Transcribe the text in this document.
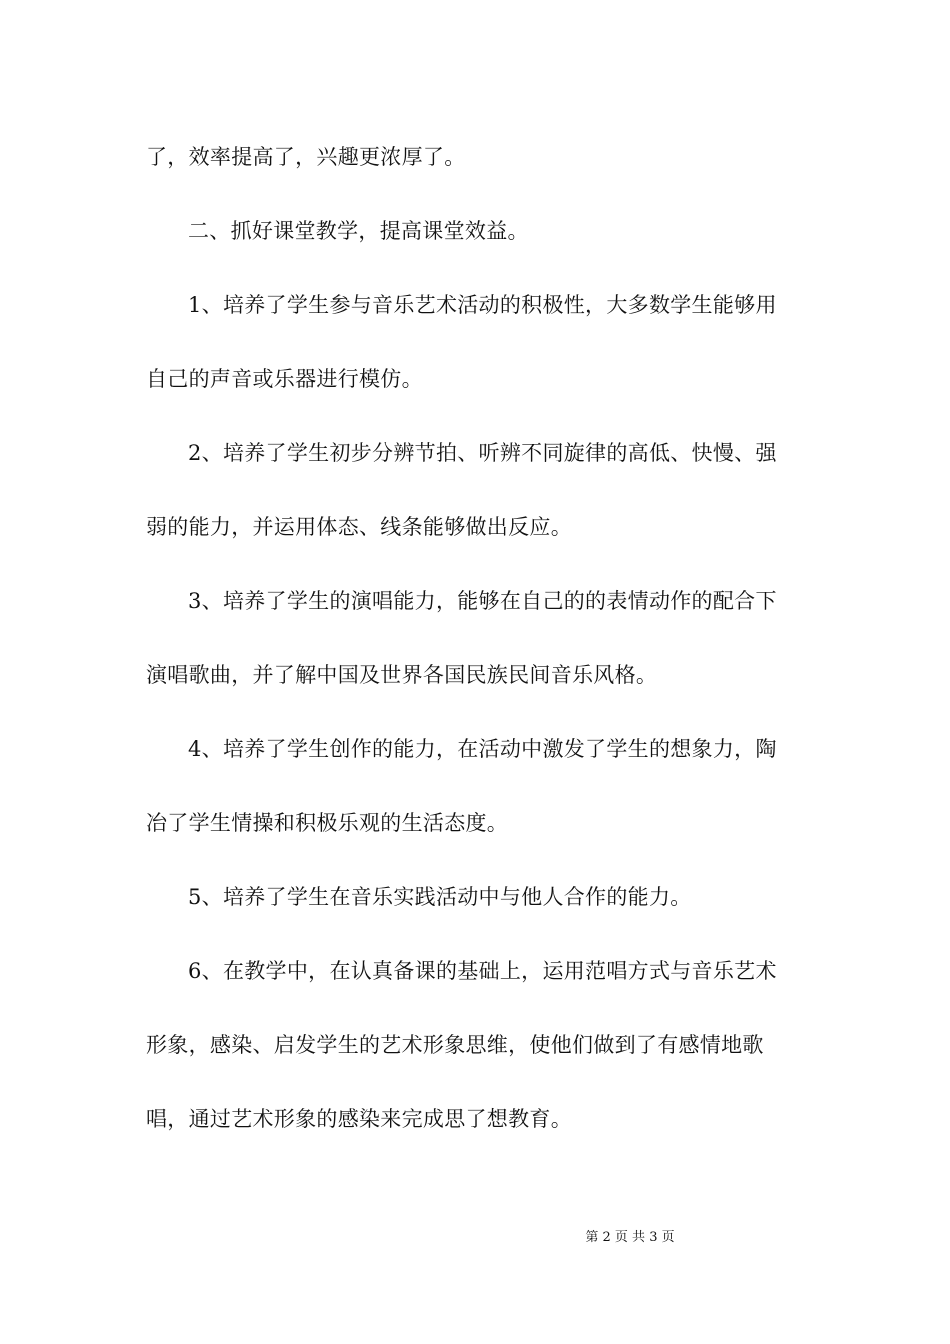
了，效率提高了，兴趣更浓厚了。
二、抓好课堂教学，提高课堂效益。
1、培养了学生参与音乐艺术活动的积极性，大多数学生能够用
自己的声音或乐器进行模仿。
2、培养了学生初步分辨节拍、听辨不同旋律的高低、快慢、强
弱的能力，并运用体态、线条能够做出反应。
3、培养了学生的演唱能力，能够在自己的的表情动作的配合下
演唱歌曲，并了解中国及世界各国民族民间音乐风格。
4、培养了学生创作的能力，在活动中激发了学生的想象力，陶
冶了学生情操和积极乐观的生活态度。
5、培养了学生在音乐实践活动中与他人合作的能力。
6、在教学中，在认真备课的基础上，运用范唱方式与音乐艺术
形象，感染、启发学生的艺术形象思维，使他们做到了有感情地歌
唱，通过艺术形象的感染来完成思了想教育。
第 2 页 共 3 页
